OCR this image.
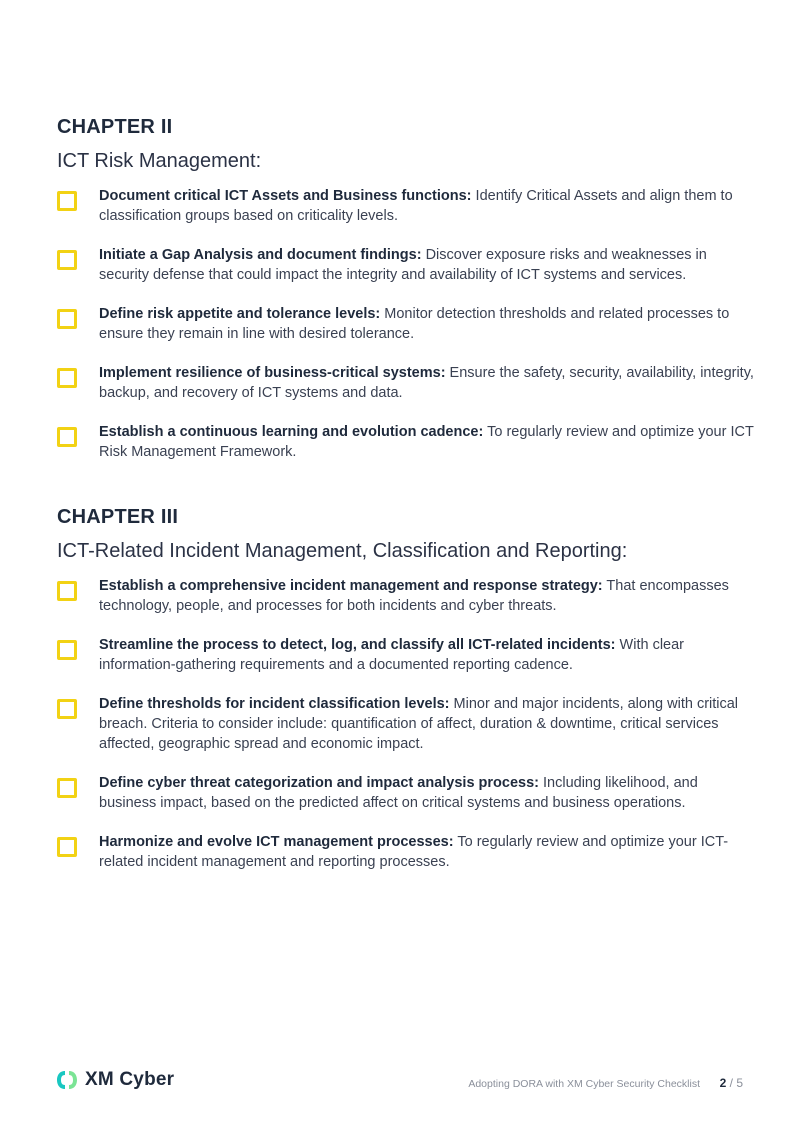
CHAPTER II
ICT Risk Management:
Document critical ICT Assets and Business functions: Identify Critical Assets and align them to classification groups based on criticality levels.
Initiate a Gap Analysis and document findings: Discover exposure risks and weaknesses in security defense that could impact the integrity and availability of ICT systems and services.
Define risk appetite and tolerance levels: Monitor detection thresholds and related processes to ensure they remain in line with desired tolerance.
Implement resilience of business-critical systems: Ensure the safety, security, availability, integrity, backup, and recovery of ICT systems and data.
Establish a continuous learning and evolution cadence: To regularly review and optimize your ICT Risk Management Framework.
CHAPTER III
ICT-Related Incident Management, Classification and Reporting:
Establish a comprehensive incident management and response strategy: That encompasses technology, people, and processes for both incidents and cyber threats.
Streamline the process to detect, log, and classify all ICT-related incidents: With clear information-gathering requirements and a documented reporting cadence.
Define thresholds for incident classification levels: Minor and major incidents, along with critical breach. Criteria to consider include: quantification of affect, duration & downtime, critical services affected, geographic spread and economic impact.
Define cyber threat categorization and impact analysis process: Including likelihood, and business impact, based on the predicted affect on critical systems and business operations.
Harmonize and evolve ICT management processes: To regularly review and optimize your ICT-related incident management and reporting processes.
XM Cyber	Adopting DORA with XM Cyber Security Checklist 2 / 5
